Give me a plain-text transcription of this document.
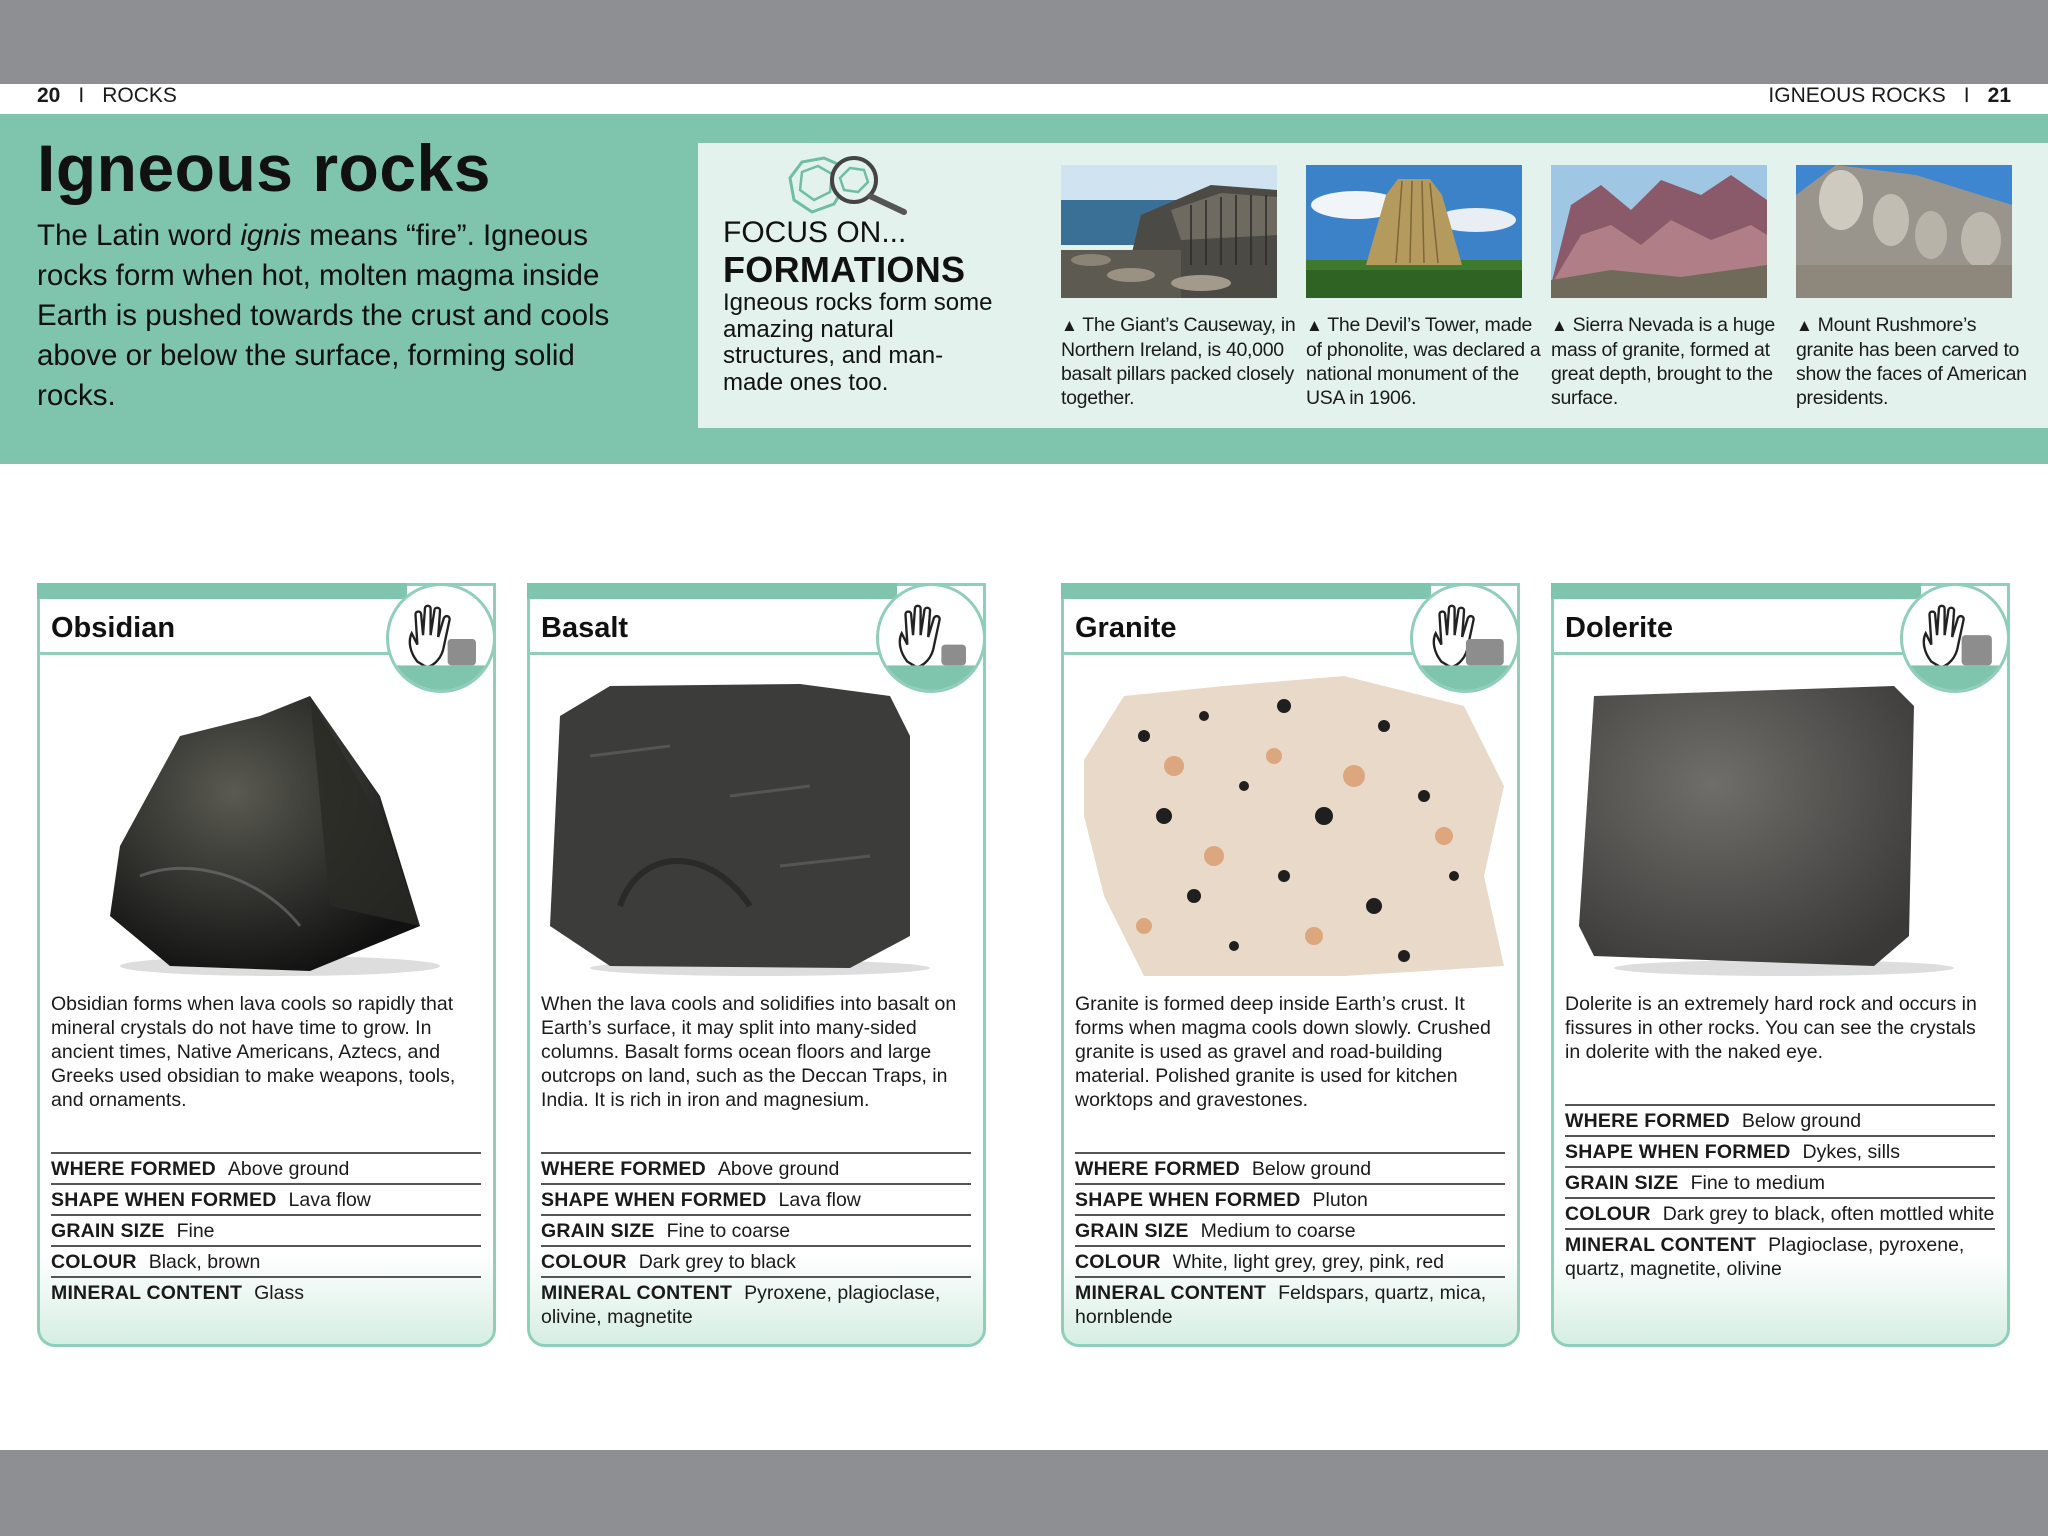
20 I ROCKS	IGNEOUS ROCKS I 21
Igneous rocks

The Latin word ignis means “fire”. Igneous rocks form when hot, molten magma inside Earth is pushed towards the crust and cools above or below the surface, forming solid rocks.

FOCUS ON...
FORMATIONS

Igneous rocks form some amazing natural structures, and man-made ones too.

▲ The Giant’s Causeway, in Northern Ireland, is 40,000 basalt pillars packed closely together.
▲ The Devil’s Tower, made of phonolite, was declared a national monument of the USA in 1906.
▲ Sierra Nevada is a huge mass of granite, formed at great depth, brought to the surface.
▲ Mount Rushmore’s granite has been carved to show the faces of American presidents.
Obsidian

Obsidian forms when lava cools so rapidly that mineral crystals do not have time to grow. In ancient times, Native Americans, Aztecs, and Greeks used obsidian to make weapons, tools, and ornaments.

WHERE FORMED Above ground
SHAPE WHEN FORMED Lava flow
GRAIN SIZE Fine
COLOUR Black, brown
MINERAL CONTENT Glass
Basalt

When the lava cools and solidifies into basalt on Earth’s surface, it may split into many-sided columns. Basalt forms ocean floors and large outcrops on land, such as the Deccan Traps, in India. It is rich in iron and magnesium.

WHERE FORMED Above ground
SHAPE WHEN FORMED Lava flow
GRAIN SIZE Fine to coarse
COLOUR Dark grey to black
MINERAL CONTENT Pyroxene, plagioclase, olivine, magnetite
Granite

Granite is formed deep inside Earth’s crust. It forms when magma cools down slowly. Crushed granite is used as gravel and road-building material. Polished granite is used for kitchen worktops and gravestones.

WHERE FORMED Below ground
SHAPE WHEN FORMED Pluton
GRAIN SIZE Medium to coarse
COLOUR White, light grey, grey, pink, red
MINERAL CONTENT Feldspars, quartz, mica, hornblende
Dolerite

Dolerite is an extremely hard rock and occurs in fissures in other rocks. You can see the crystals in dolerite with the naked eye.

WHERE FORMED Below ground
SHAPE WHEN FORMED Dykes, sills
GRAIN SIZE Fine to medium
COLOUR Dark grey to black, often mottled white
MINERAL CONTENT Plagioclase, pyroxene, quartz, magnetite, olivine
